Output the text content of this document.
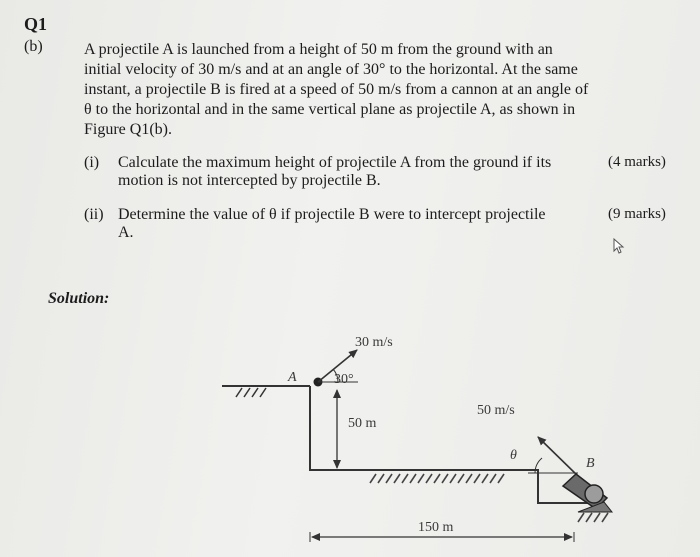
Q1
(b)	A projectile A is launched from a height of 50 m from the ground with an
initial velocity of 30 m/s and at an angle of 30° to the horizontal. At the same
instant, a projectile B is fired at a speed of 50 m/s from a cannon at an angle of
θ to the horizontal and in the same vertical plane as projectile A, as shown in
Figure Q1(b).
(i) Calculate the maximum height of projectile A from the ground if its
motion is not intercepted by projectile B.
(4 marks)
(ii) Determine the value of θ if projectile B were to intercept projectile
A.
(9 marks)
Solution:
A
30 m/s
30°
50 m
50 m/s
θ
B
150 m
